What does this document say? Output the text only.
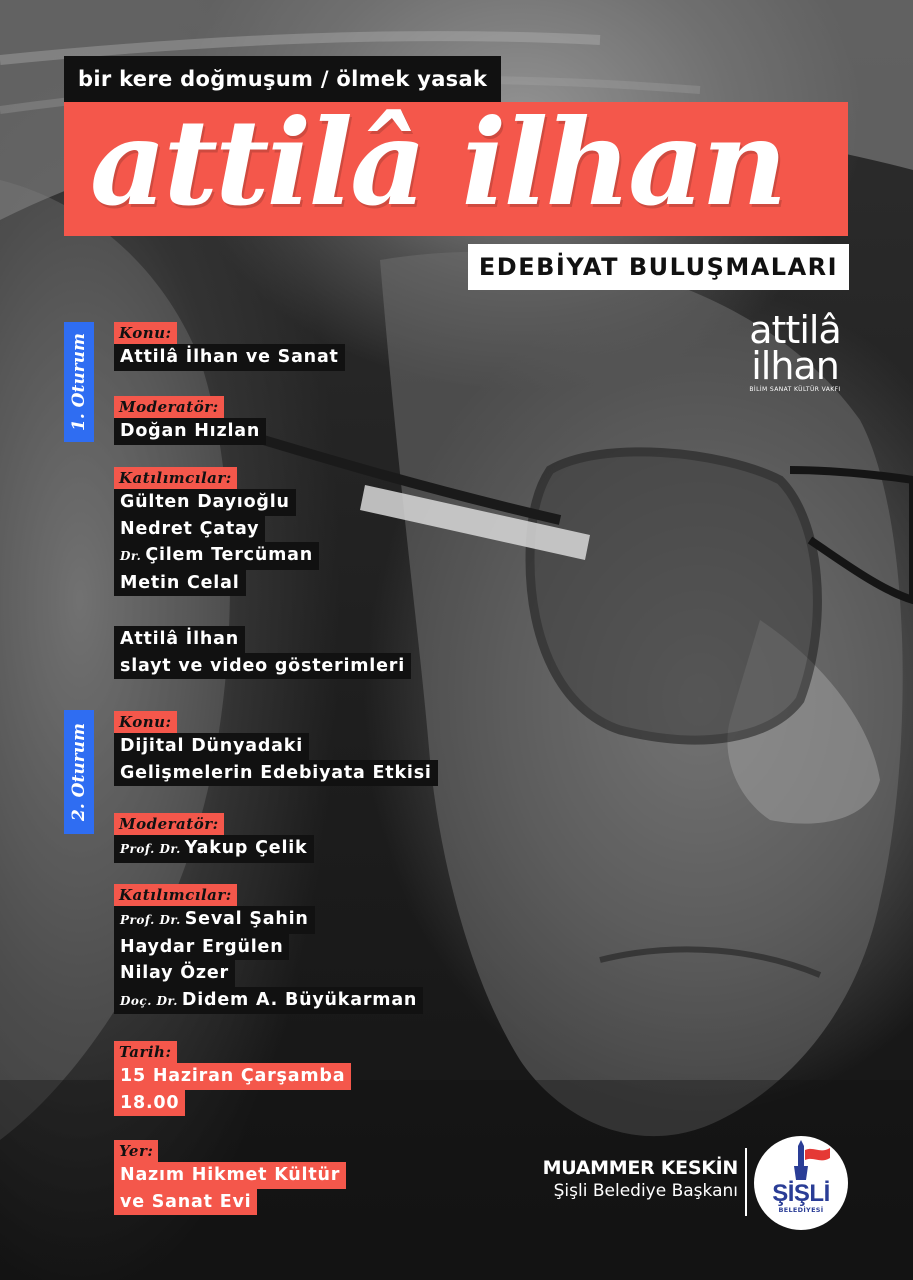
bir kere doğmuşum / ölmek yasak
attilâ ilhan
EDEBİYAT BULUŞMALARI
attilâ
ilhan
BİLİM SANAT KÜLTÜR VAKFI
1. Oturum	Konu:
Attilâ İlhan ve Sanat
Moderatör:
Doğan Hızlan
Katılımcılar:
Gülten Dayıoğlu
Nedret Çatay
Dr. Çilem Tercüman
Metin Celal
Attilâ İlhan
slayt ve video gösterimleri
2. Oturum
Konu:
Dijital Dünyadaki
Gelişmelerin Edebiyata Etkisi
Moderatör:
Prof. Dr. Yakup Çelik
Katılımcılar:
Prof. Dr. Seval Şahin
Haydar Ergülen
Nilay Özer
Doç. Dr. Didem A. Büyükarman
Tarih:
15 Haziran Çarşamba
18.00
Yer:
Nazım Hikmet Kültür
ve Sanat Evi
MUAMMER KESKİN
Şişli Belediye Başkanı	ŞİŞLİ
BELEDİYESİ
